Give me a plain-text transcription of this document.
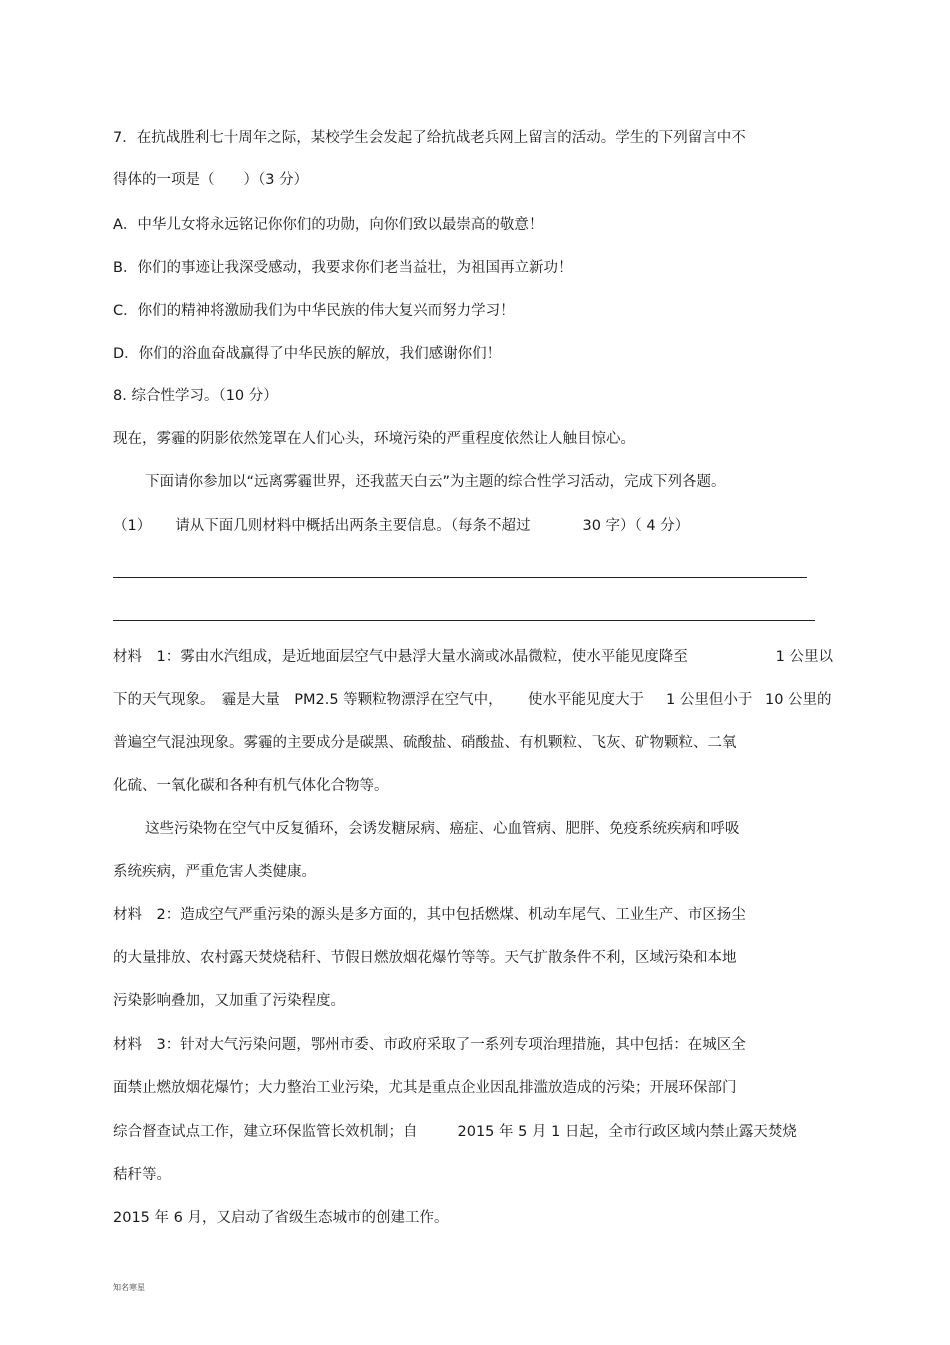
7．在抗战胜利七十周年之际，某校学生会发起了给抗战老兵网上留言的活动。学生的下列留言中不
得体的一项是（　　）（3 分）
A．中华儿女将永远铭记你你们的功勋，向你们致以最崇高的敬意！
B．你们的事迹让我深受感动，我要求你们老当益壮，为祖国再立新功！
C．你们的精神将激励我们为中华民族的伟大复兴而努力学习！
D．你们的浴血奋战赢得了中华民族的解放，我们感谢你们！
8. 综合性学习。（10 分）
现在，雾霾的阴影依然笼罩在人们心头，环境污染的严重程度依然让人触目惊心。
下面请你参加以“远离雾霾世界，还我蓝天白云”为主题的综合性学习活动，完成下列各题。
（1） 请从下面几则材料中概括出两条主要信息。（每条不超过	30 字）（ 4 分）
材料　1：雾由水汽组成，是近地面层空气中悬浮大量水滴或冰晶微粒，使水平能见度降至	1 公里以
下的天气现象。　霾是大量　PM2.5 等颗粒物漂浮在空气中， 使水平能见度大于 1 公里但小于 10 公里的
普遍空气混浊现象。雾霾的主要成分是碳黑、硫酸盐、硝酸盐、有机颗粒、飞灰、矿物颗粒、二氧
化硫、一氧化碳和各种有机气体化合物等。
这些污染物在空气中反复循环，会诱发糖尿病、癌症、心血管病、肥胖、免疫系统疾病和呼吸
系统疾病，严重危害人类健康。
材料　2：造成空气严重污染的源头是多方面的，其中包括燃煤、机动车尾气、工业生产、市区扬尘
的大量排放、农村露天焚烧秸秆、节假日燃放烟花爆竹等等。天气扩散条件不利，区域污染和本地
污染影响叠加，又加重了污染程度。
材料　3：针对大气污染问题，鄂州市委、市政府采取了一系列专项治理措施，其中包括：在城区全
面禁止燃放烟花爆竹；大力整治工业污染，尤其是重点企业因乱排滥放造成的污染；开展环保部门
综合督查试点工作，建立环保监管长效机制；自	2015 年 5 月 1 日起，全市行政区域内禁止露天焚烧
秸秆等。
2015 年 6 月，又启动了省级生态城市的创建工作。
知名寒星
